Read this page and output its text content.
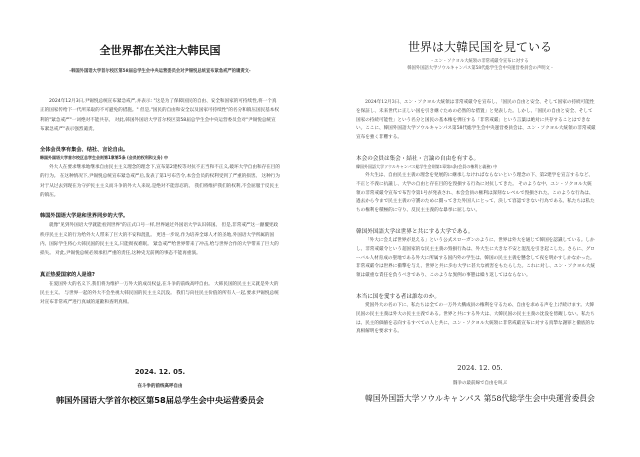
全世界都在关注大韩民国
-韩国外国语大学首尔校区第58届总学生会中央运营委员会对尹锡悦总统宣布紧急戒严的谴责文-

2024年12月3日,尹锡悦总统宣布紧急戒严,并表示: "这是为了保障国民的自由、安全和国家的可持续性,将一个真正的国家传给下一代所采取的不可避免的措施。" 但是,"国民的自由和安全以及国家可持续性"的名分和镇压国民基本权利的"紧急戒严"一词绝对不能共存。 对此,韩国外国语大学首尔校区第58届总学生会中央运营委员会对"尹锡悦总统宣布紧急戒严"表示强烈谴责。

全体会员享有集会、结社、言论自由。
韩国外国语大学首尔校区总学生会则第1章第5条 (会员的权利和义务) 中

外大人在要求继承地继承自由民主主义理念的理念下,宣布第2建校等对抗不正当和不正义,破坏大学自由和存在目的的行为。 在这种情况下,尹锡悦总统宣布紧急戒严后,发表了第1号布告令,本会会员的权利受到了严重的损害。 这种行为对于从过去到现在为守护民主主义而斗争的外大人来说,是绝对不能容忍的。 我们将维护我们的权利,不会屈服于反民主的镇压。

韩国外国语大学是和世界同步的大学。

就像"见到外国语大学就能看到世界"的正式口号一样,世界通过外国语大学认识韩国。 但是,非常戒严这一颠覆宪政秩序民主主义的行为给外大人带来了巨大的不安和混乱。 更进一步说,作为培养全球人才的圣地,外国语大学所属的国内、国际学生将心大韩民国的民主主义,只能彻夜难眠。 紧急戒严给世界带来了冲击,给与世界合作的大学带来了巨大的损失。 对此,尹锡悦总统必须承担严重的责任,这种史无前例的事态不能再重演。

真正热爱国家的人是谁?

在爱国外大的名义下,我们将为维护一万外大的成员权益,在斗争的前线高呼自由。 大韩民国的民主主义就是外大的民主主义。 与世界一起的外大不会坐视大韩民国的民主主义沉没。 我们与向往民主价值的所有人一起,要求尹锡悦总统对宣布非常戒严进行真诚的道歉和查明真相。

2024. 12. 05.
在斗争的前线高呼自由
韩国外国语大学首尔校区第58届总学生会中央运营委员会
世界は大韓民国を見ている
- ユン・ソクヨル大統領の非常戒厳令宣布に対する
韓国外国語大学ソウルキャンパス第58代総学生会中央運営委員会の声明文 -

2024年12月3日、ユン・ソクヨル大統領は非常戒厳令を宣布し、「国民の自由と安全、そして国家の持続可能性を保証し、未来世代に正しい国を引き継ぐための必然的な措置」と発表した。しかし、「国民の自由と安全、そして国家の持続可能性」という名分と国民の基本権を弾圧する「非常戒厳」という言葉は絶対に共存することはできない。ここに、韓国外国語大学ソウルキャンパス第58代総学生会中央運営委員会は、ユン・ソクヨル大統領の非常戒厳宣布を強く非難する。

本会の会員は集会・結社・言論の自由を有する。
韓国外国語大学ソウルキャンパス総学生会則第1章第5条(会員の権利と義務) 中

外大生は、自由民主主義の理念を発展的に継承しなければならないという理念の下、第2建学を宣言するなど、不正と不義に抗議し、大学の自由と存在目的を毀損する行為に対抗してきた。 そのような中、ユン・ソクヨル大統領の非常戒厳令宣布で布告令第1号が発表され、本会会員の権利は深刻なレベルで毀損された。このような行為は、過去から今まで民主主義の守護のために闘ってきた外国人にとって、決して容認できない行為である。私たちは私たちの権利を積極的に守り、反民主主義的な暴挙に屈しない。

韓国外国語大学は世界と共にする大学である。

「外大に会えば世界が見える」という公式スローガンのように、世界は外大を通じて韓国を認識している。しかし、非常戒厳令という超国家的な民主主義の毀損行為は、外大生に大きな不安と混乱を引き起こした。さらに、グローバル人材育成の聖地である外大に所属する国内外の学生は、韓国の民主主義を懸念して夜を明かすしかなかった。非常戒厳令は世界に衝撃を与え、世界と共に歩む大学に甚大な被害をもたらした。これに対し、ユン・ソクヨル大統領は厳重な責任を負うべきであり、このような異例の事態は繰り返してはならない。

本当に国を愛する者は誰なのか。

愛国外大の名の下に、私たちは全ての一万外大構成員の権利を守るため、自由を求める声を上げ続けます。大韓民国の民主主義は外大の民主主義である。世界と共にする外大は、大韓民国の民主主義の沈没を傍観しない。私たちは、民主的価値を志向するすべての人と共に、ユン・ソクヨル大統領に非常戒厳宣布に対する真摯な謝罪と徹底的な真相解明を要求する。

2024. 12. 05.
闘争の最前線で自由を叫ぶ
韓国外国語大学ソウルキャンパス 第58代総学生会中央運営委員会
